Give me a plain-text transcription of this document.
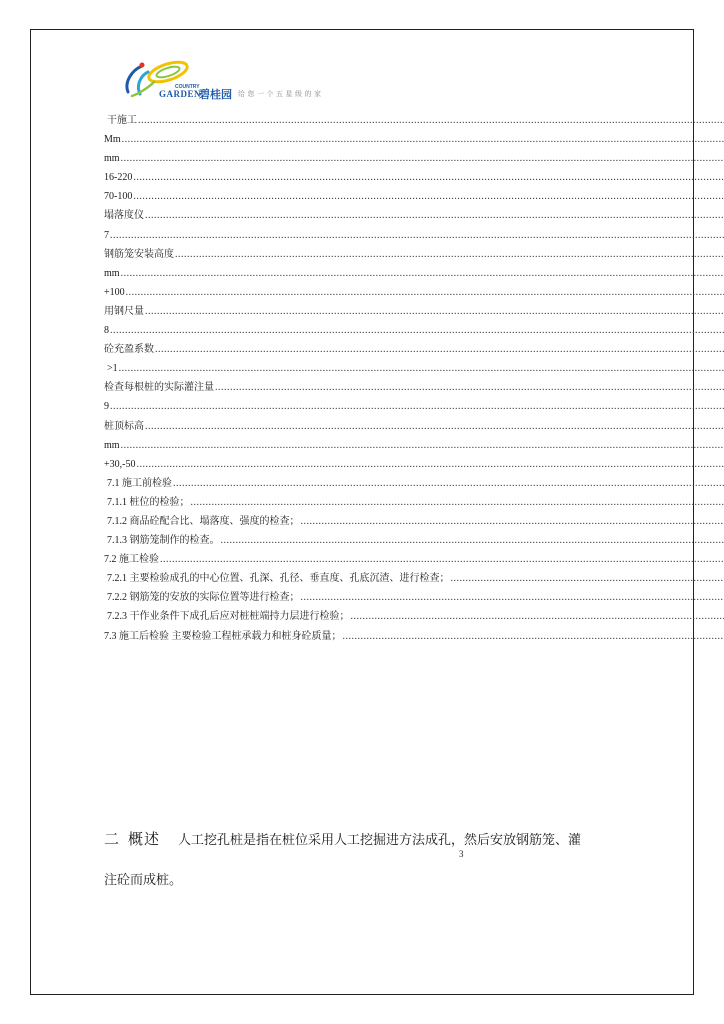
COUNTRY
GARDEN
碧桂园 给您一个五星级的家
干施工
.....
Mm
.....
mm
.....
16-220
.....
70-100
.....
塌落度仪
.....
7
.....
钢筋笼安装高度
.....
mm
.....
+100
.....
用钢尺量
.....
8
.....
砼充盈系数
.....
>1
.....
检查每根桩的实际灌注量
.....
9
.....
桩顶标高
.....
mm
.....
+30,-50
.....
7.1 施工前检验
.....
7.1.1 桩位的检验；
.....
7.1.2 商品砼配合比、塌落度、强度的检查；
.....
7.1.3 钢筋笼制作的检查。
.....
7.2 施工检验
.....
7.2.1 主要检验成孔的中心位置、孔深、孔径、垂直度、孔底沉渣、进行检查；
.....
7.2.2 钢筋笼的安放的实际位置等进行检查；
.....
7.2.3 干作业条件下成孔后应对桩桩端持力层进行检验；
.....
7.3 施工后检验 主要检验工程桩承载力和桩身砼质量；
.....
二 概述 人工挖孔桩是指在桩位采用人工挖掘进方法成孔，然后安放钢筋笼、灌
注砼而成桩。
3
